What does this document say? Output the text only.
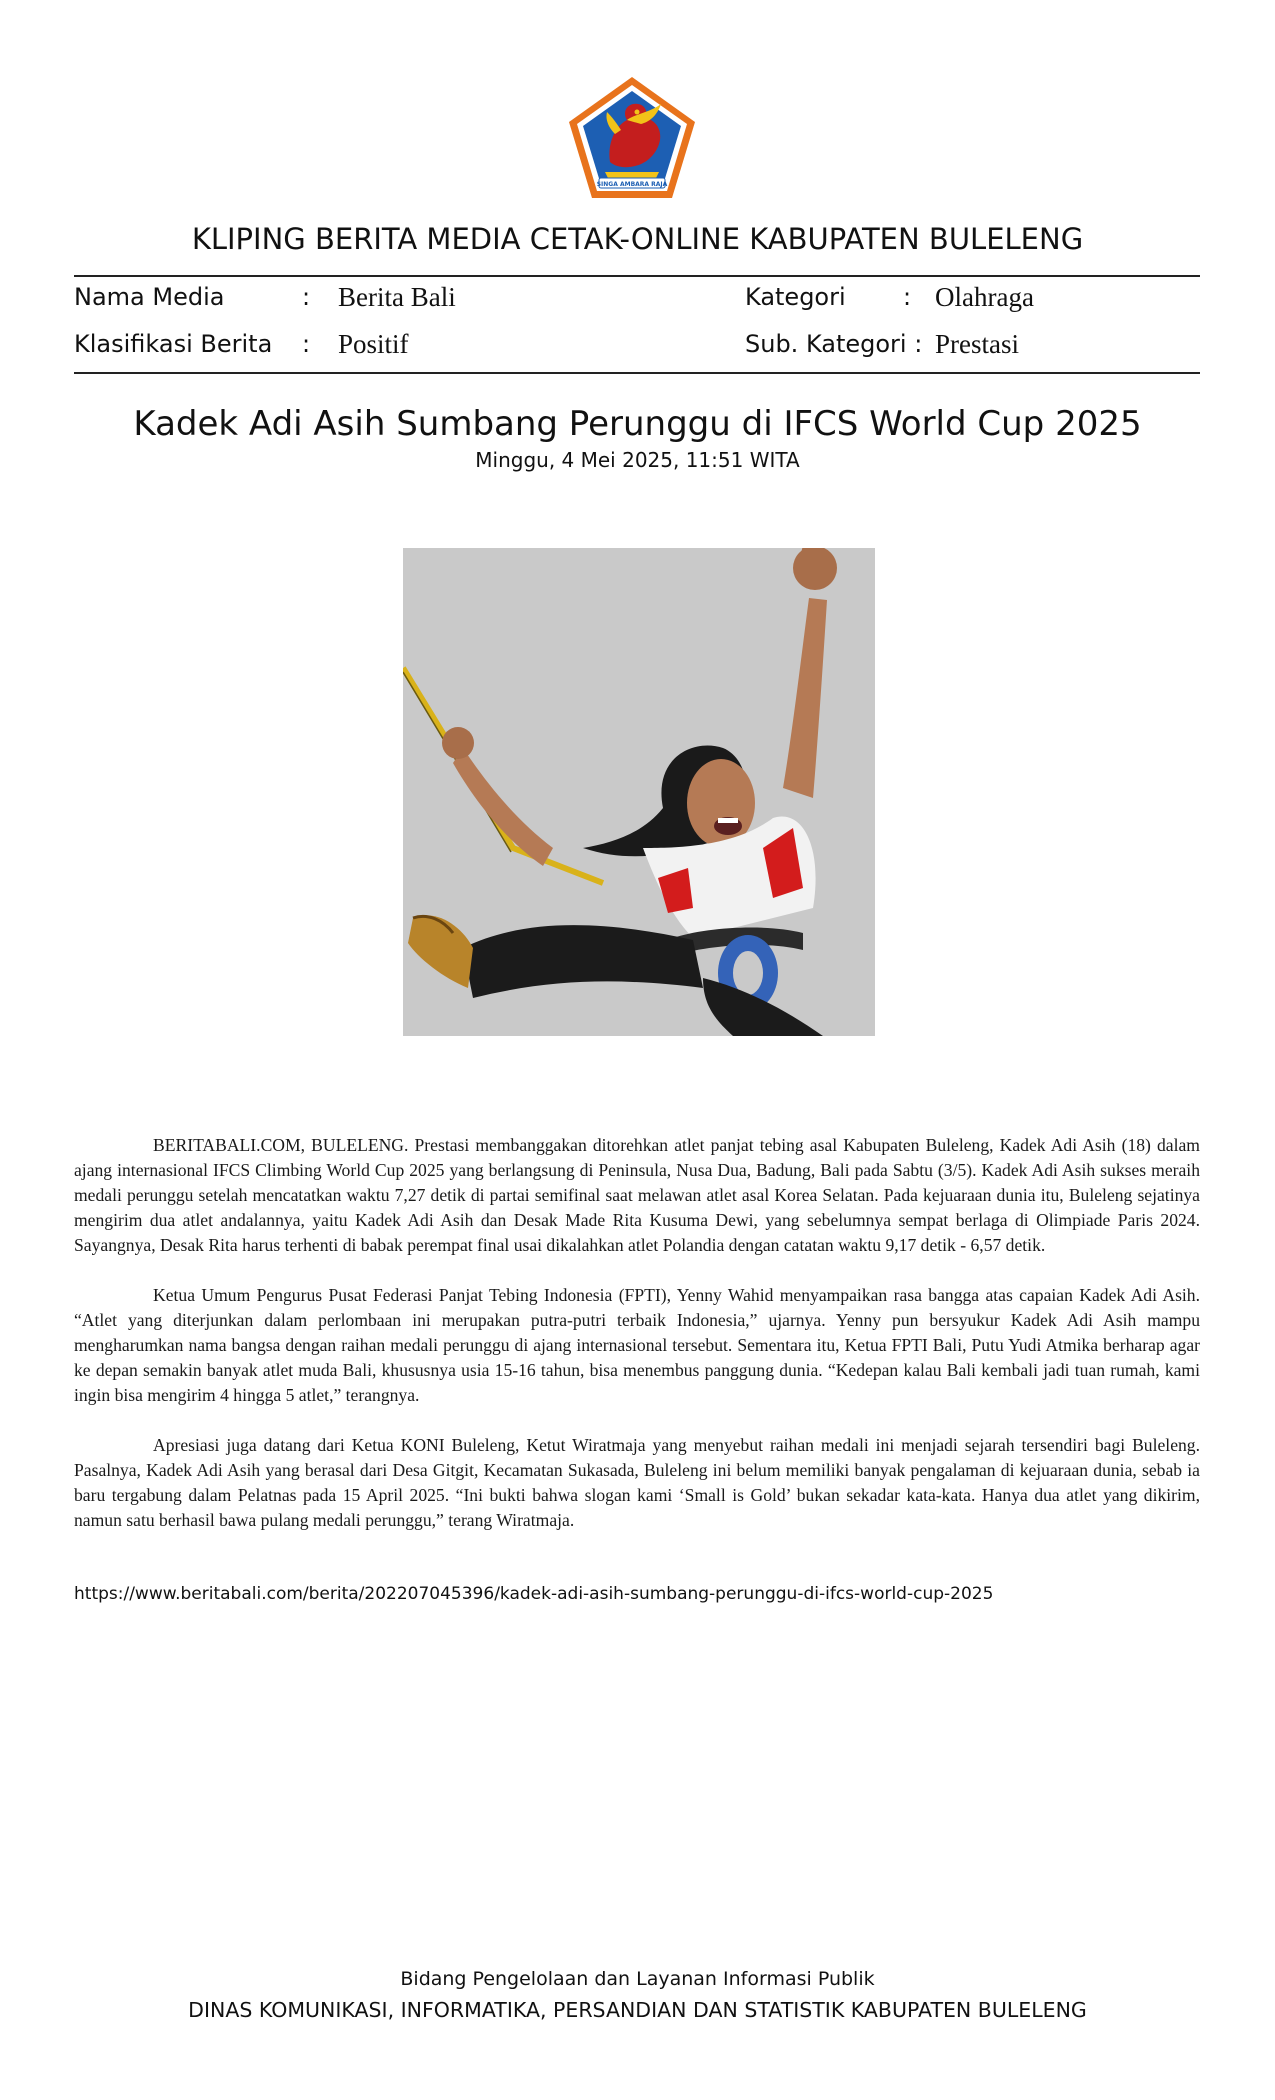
SINGA AMBARA RAJA
KLIPING BERITA MEDIA CETAK-ONLINE KABUPATEN BULELENG
Nama Media	: Berita Bali	Kategori : Olahraga
Klasifikasi Berita : Positif	Sub. Kategori : Prestasi
Kadek Adi Asih Sumbang Perunggu di IFCS World Cup 2025
Minggu, 4 Mei 2025, 11:51 WITA

BERITABALI.COM, BULELENG. Prestasi membanggakan ditorehkan atlet panjat tebing asal Kabupaten Buleleng, Kadek Adi Asih (18) dalam ajang internasional IFCS Climbing World Cup 2025 yang berlangsung di Peninsula, Nusa Dua, Badung, Bali pada Sabtu (3/5). Kadek Adi Asih sukses meraih medali perunggu setelah mencatatkan waktu 7,27 detik di partai semifinal saat melawan atlet asal Korea Selatan. Pada kejuaraan dunia itu, Buleleng sejatinya mengirim dua atlet andalannya, yaitu Kadek Adi Asih dan Desak Made Rita Kusuma Dewi, yang sebelumnya sempat berlaga di Olimpiade Paris 2024. Sayangnya, Desak Rita harus terhenti di babak perempat final usai dikalahkan atlet Polandia dengan catatan waktu 9,17 detik - 6,57 detik.

Ketua Umum Pengurus Pusat Federasi Panjat Tebing Indonesia (FPTI), Yenny Wahid menyampaikan rasa bangga atas capaian Kadek Adi Asih. “Atlet yang diterjunkan dalam perlombaan ini merupakan putra-putri terbaik Indonesia,” ujarnya. Yenny pun bersyukur Kadek Adi Asih mampu mengharumkan nama bangsa dengan raihan medali perunggu di ajang internasional tersebut. Sementara itu, Ketua FPTI Bali, Putu Yudi Atmika berharap agar ke depan semakin banyak atlet muda Bali, khususnya usia 15-16 tahun, bisa menembus panggung dunia. “Kedepan kalau Bali kembali jadi tuan rumah, kami ingin bisa mengirim 4 hingga 5 atlet,” terangnya.

Apresiasi juga datang dari Ketua KONI Buleleng, Ketut Wiratmaja yang menyebut raihan medali ini menjadi sejarah tersendiri bagi Buleleng. Pasalnya, Kadek Adi Asih yang berasal dari Desa Gitgit, Kecamatan Sukasada, Buleleng ini belum memiliki banyak pengalaman di kejuaraan dunia, sebab ia baru tergabung dalam Pelatnas pada 15 April 2025. “Ini bukti bahwa slogan kami ‘Small is Gold’ bukan sekadar kata-kata. Hanya dua atlet yang dikirim, namun satu berhasil bawa pulang medali perunggu,” terang Wiratmaja.

https://www.beritabali.com/berita/202207045396/kadek-adi-asih-sumbang-perunggu-di-ifcs-world-cup-2025
Bidang Pengelolaan dan Layanan Informasi Publik
DINAS KOMUNIKASI, INFORMATIKA, PERSANDIAN DAN STATISTIK KABUPATEN BULELENG
